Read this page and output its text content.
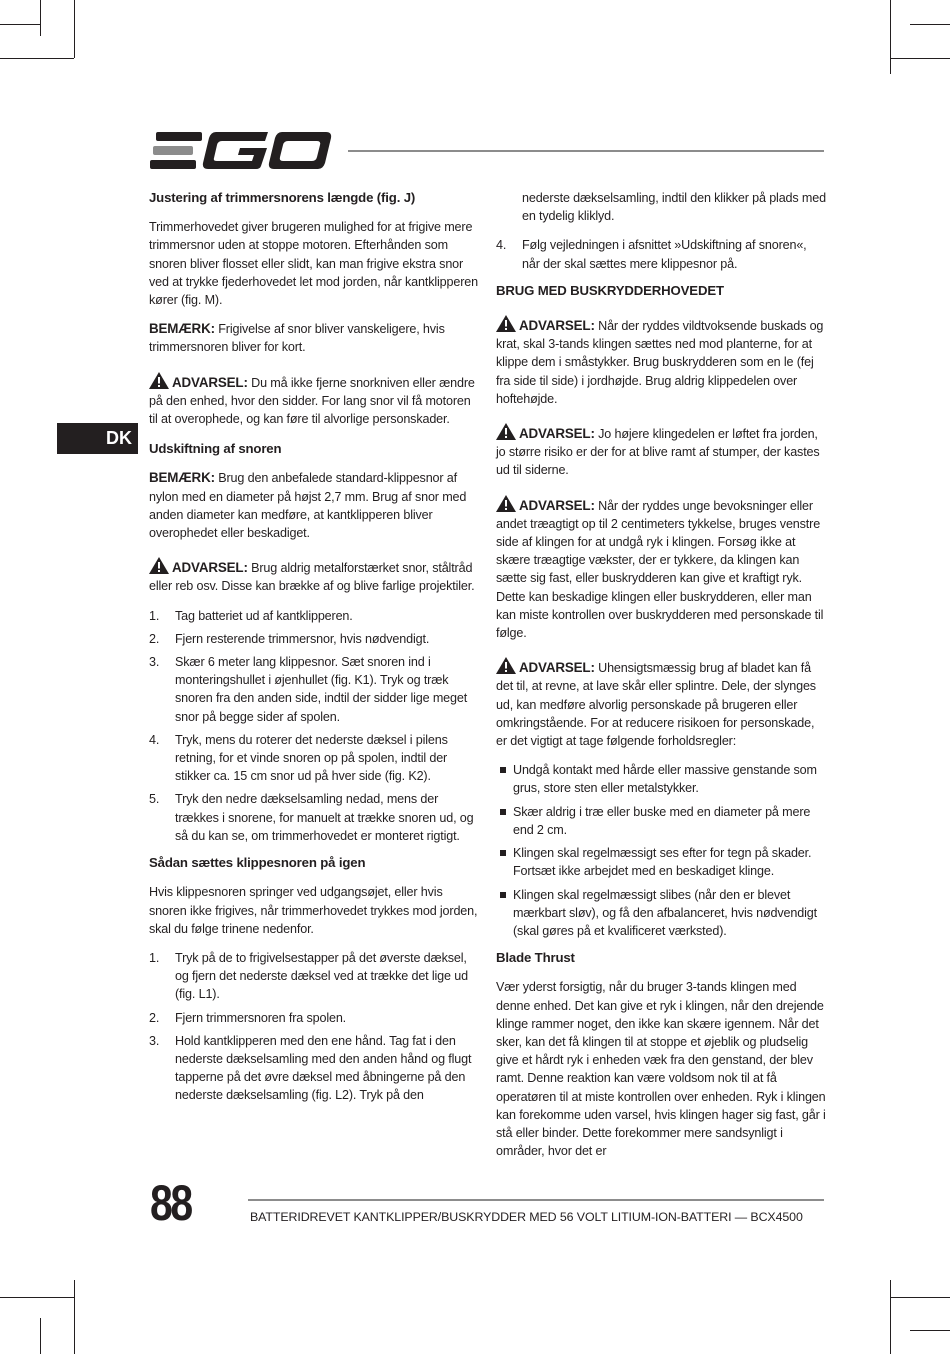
DK
Justering af trimmersnorens længde (fig. J)

Trimmerhovedet giver brugeren mulighed for at frigive mere trimmersnor uden at stoppe motoren. Efterhånden som snoren bliver flosset eller slidt, kan man frigive ekstra snor ved at trykke fjederhovedet let mod jorden, når kantklipperen kører (fig. M).

BEMÆRK: Frigivelse af snor bliver vanskeligere, hvis trimmersnoren bliver for kort.

ADVARSEL: Du må ikke fjerne snorkniven eller ændre på den enhed, hvor den sidder. For lang snor vil få motoren til at overophede, og kan føre til alvorlige personskader.

Udskiftning af snoren

BEMÆRK: Brug den anbefalede standard-klippesnor af nylon med en diameter på højst 2,7 mm. Brug af snor med anden diameter kan medføre, at kantklipperen bliver overophedet eller beskadiget.

ADVARSEL: Brug aldrig metalforstærket snor, ståltråd eller reb osv. Disse kan brække af og blive farlige projektiler.

1. Tag batteriet ud af kantklipperen.
2. Fjern resterende trimmersnor, hvis nødvendigt.
3. Skær 6 meter lang klippesnor. Sæt snoren ind i monteringshullet i øjenhullet (fig. K1). Tryk og træk snoren fra den anden side, indtil der sidder lige meget snor på begge sider af spolen.
4. Tryk, mens du roterer det nederste dæksel i pilens retning, for et vinde snoren op på spolen, indtil der stikker ca. 15 cm snor ud på hver side (fig. K2).
5. Tryk den nedre dækselsamling nedad, mens der trækkes i snorene, for manuelt at trække snoren ud, og så du kan se, om trimmerhovedet er monteret rigtigt.
Sådan sættes klippesnoren på igen

Hvis klippesnoren springer ved udgangsøjet, eller hvis snoren ikke frigives, når trimmerhovedet trykkes mod jorden, skal du følge trinene nedenfor.

1. Tryk på de to frigivelsestapper på det øverste dæksel, og fjern det nederste dæksel ved at trække det lige ud (fig. L1).
2. Fjern trimmersnoren fra spolen.
3. Hold kantklipperen med den ene hånd. Tag fat i den nederste dækselsamling med den anden hånd og flugt tapperne på det øvre dæksel med åbningerne på den nederste dækselsamling (fig. L2). Tryk på den

nederste dækselsamling, indtil den klikker på plads med en tydelig kliklyd.

4. Følg vejledningen i afsnittet »Udskiftning af snoren«, når der skal sættes mere klippesnor på.
BRUG MED BUSKRYDDERHOVEDET

ADVARSEL: Når der ryddes vildtvoksende buskads og krat, skal 3-tands klingen sættes ned mod planterne, for at klippe dem i småstykker. Brug buskrydderen som en le (fej fra side til side) i jordhøjde. Brug aldrig klippedelen over hoftehøjde.

ADVARSEL: Jo højere klingedelen er løftet fra jorden, jo større risiko er der for at blive ramt af stumper, der kastes ud til siderne.

ADVARSEL: Når der ryddes unge bevoksninger eller andet træagtigt op til 2 centimeters tykkelse, bruges venstre side af klingen for at undgå ryk i klingen. Forsøg ikke at skære træagtige vækster, der er tykkere, da klingen kan sætte sig fast, eller buskrydderen kan give et kraftigt ryk. Dette kan beskadige klingen eller buskrydderen, eller man kan miste kontrollen over buskrydderen med personskade til følge.

ADVARSEL: Uhensigtsmæssig brug af bladet kan få det til, at revne, at lave skår eller splintre. Dele, der slynges ud, kan medføre alvorlig personskade på brugeren eller omkringstående. For at reducere risikoen for personskade, er det vigtigt at tage følgende forholdsregler:

Undgå kontakt med hårde eller massive genstande som grus, store sten eller metalstykker.
Skær aldrig i træ eller buske med en diameter på mere end 2 cm.
Klingen skal regelmæssigt ses efter for tegn på skader. Fortsæt ikke arbejdet med en beskadiget klinge.
Klingen skal regelmæssigt slibes (når den er blevet mærkbart sløv), og få den afbalanceret, hvis nødvendigt (skal gøres på et kvalificeret værksted).
Blade Thrust

Vær yderst forsigtig, når du bruger 3-tands klingen med denne enhed. Det kan give et ryk i klingen, når den drejende klinge rammer noget, den ikke kan skære igennem. Når det sker, kan det få klingen til at stoppe et øjeblik og pludselig give et hårdt ryk i enheden væk fra den genstand, der blev ramt. Denne reaktion kan være voldsom nok til at få operatøren til at miste kontrollen over enheden. Ryk i klingen kan forekomme uden varsel, hvis klingen hager sig fast, går i stå eller binder. Dette forekommer mere sandsynligt i områder, hvor det er

88	BATTERIDREVET KANTKLIPPER/BUSKRYDDER MED 56 VOLT LITIUM-ION-BATTERI — BCX4500
